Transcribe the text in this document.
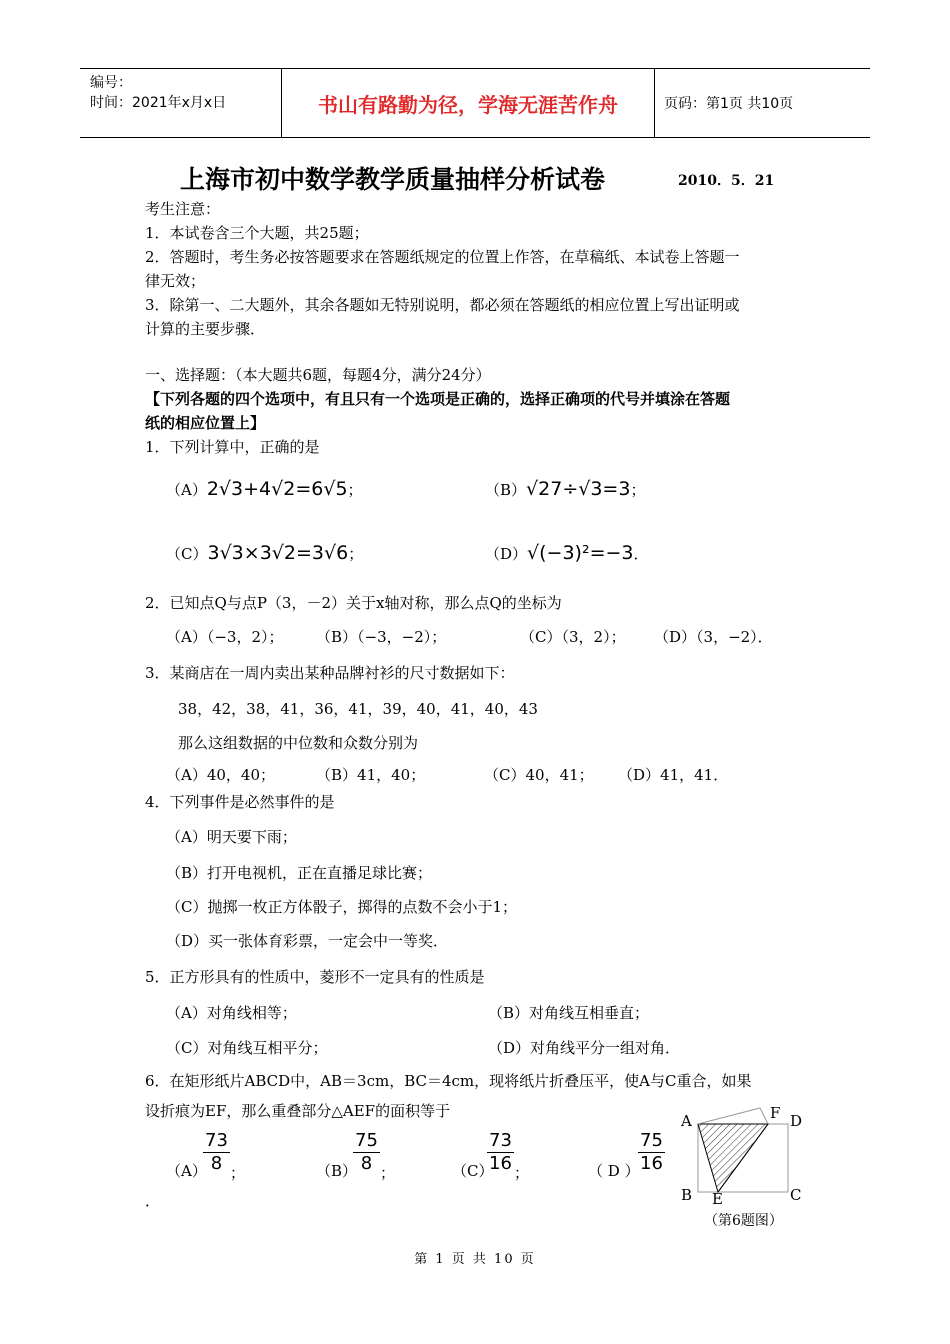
编号：
时间：2021年x月x日	书山有路勤为径，学海无涯苦作舟	页码：第1页 共10页
上海市初中数学教学质量抽样分析试卷	2010．5．21
考生注意：
1．本试卷含三个大题，共25题；
2．答题时，考生务必按答题要求在答题纸规定的位置上作答，在草稿纸、本试卷上答题一
律无效；
3．除第一、二大题外，其余各题如无特别说明，都必须在答题纸的相应位置上写出证明或
计算的主要步骤．
一、选择题：（本大题共6题，每题4分，满分24分）
【下列各题的四个选项中，有且只有一个选项是正确的，选择正确项的代号并填涂在答题
纸的相应位置上】
1．下列计算中，正确的是
（A）2√3+4√2=6√5；	（B）√27÷√3=3；
（C）3√3×3√2=3√6；	（D）√(−3)²=−3．
2．已知点Q与点P（3，－2）关于x轴对称，那么点Q的坐标为
（A）（−3，2）； （B）（−3，−2）；	（C）（3，2）； （D）（3，−2）．
3．某商店在一周内卖出某种品牌衬衫的尺寸数据如下：
38，42，38，41，36，41，39，40，41，40，43
那么这组数据的中位数和众数分别为
（A）40，40；	（B）41，40；	（C）40，41； （D）41，41．
4．下列事件是必然事件的是
（A）明天要下雨；
（B）打开电视机，正在直播足球比赛；
（C）抛掷一枚正方体骰子，掷得的点数不会小于1；
（D）买一张体育彩票，一定会中一等奖．
5．正方形具有的性质中，菱形不一定具有的性质是
（A）对角线相等；	（B）对角线互相垂直；
（C）对角线互相平分；	（D）对角线平分一组对角．
6．在矩形纸片ABCD中，AB＝3cm，BC＝4cm，现将纸片折叠压平，使A与C重合，如果
设折痕为EF，那么重叠部分△AEF的面积等于
（A）
$\frac{73}{8}$ ；	（B）
$\frac{75}{8}$ ；	（C）
$\frac{73}{16}$ ；	（ D ）
$\frac{75}{16}$
．
A	F D
B E	C
（第6题图）
第 1 页 共 10 页
